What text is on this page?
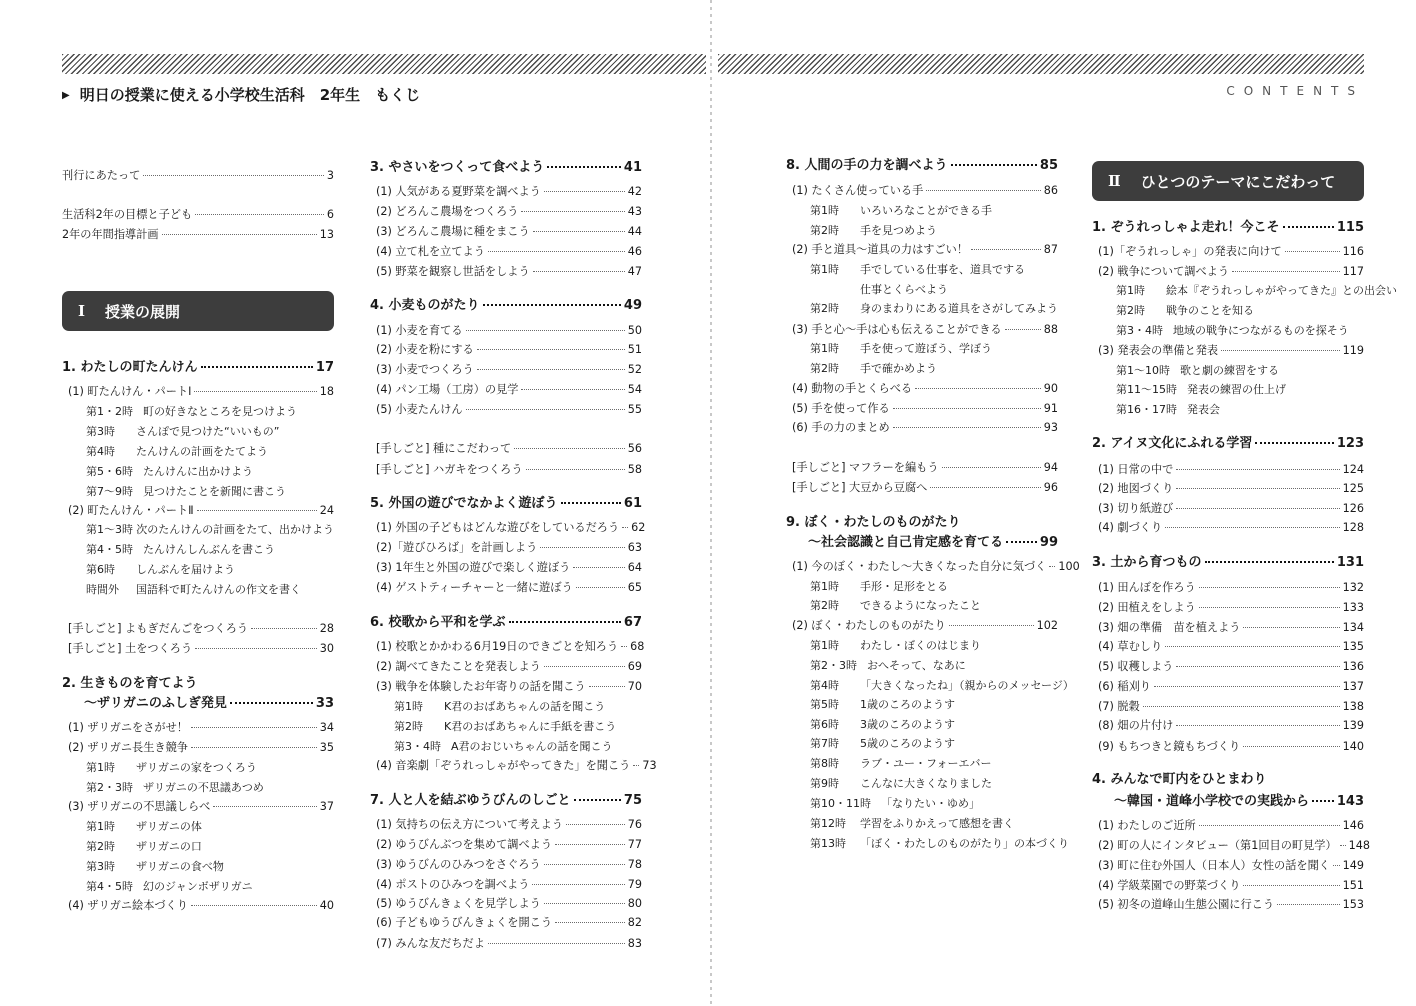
▶ 明日の授業に使える小学校生活科　2年生　もくじ	CONTENTS
Ⅰ 授業の展開
Ⅱ ひとつのテーマにこだわって
刊行にあたって	3
生活科2年の目標と子ども	6
2年の年間指導計画	13
1. わたしの町たんけん	17
(1) 町たんけん・パートⅠ	18
第1・2時 町の好きなところを見つけよう
第3時	さんぽで見つけた“いいもの”
第4時	たんけんの計画をたてよう
第5・6時 たんけんに出かけよう
第7〜9時 見つけたことを新聞に書こう
(2) 町たんけん・パートⅡ	24
第1〜3時 次のたんけんの計画をたて、出かけよう
第4・5時 たんけんしんぶんを書こう
第6時	しんぶんを届けよう
時間外	国語科で町たんけんの作文を書く
[手しごと] よもぎだんごをつくろう	28
[手しごと] 土をつくろう	30
2. 生きものを育てよう
〜ザリガニのふしぎ発見	33
(1) ザリガニをさがせ！	34
(2) ザリガニ長生き競争	35
第1時	ザリガニの家をつくろう
第2・3時 ザリガニの不思議あつめ
(3) ザリガニの不思議しらべ	37
第1時	ザリガニの体
第2時	ザリガニの口
第3時	ザリガニの食べ物
第4・5時 幻のジャンボザリガニ
(4) ザリガニ絵本づくり	40
3. やさいをつくって食べよう	41
(1) 人気がある夏野菜を調べよう	42
(2) どろんこ農場をつくろう	43
(3) どろんこ農場に種をまこう	44
(4) 立て札を立てよう	46
(5) 野菜を観察し世話をしよう	47
4. 小麦ものがたり	49
(1) 小麦を育てる	50
(2) 小麦を粉にする	51
(3) 小麦でつくろう	52
(4) パン工場（工房）の見学	54
(5) 小麦たんけん	55
[手しごと] 種にこだわって	56
[手しごと] ハガキをつくろう	58
5. 外国の遊びでなかよく遊ぼう	61
(1) 外国の子どもはどんな遊びをしているだろう 62
(2)「遊びひろば」を計画しよう	63
(3) 1年生と外国の遊びで楽しく遊ぼう	64
(4) ゲストティーチャーと一緒に遊ぼう	65
6. 校歌から平和を学ぶ	67
(1) 校歌とかかわる6月19日のできごとを知ろう 68
(2) 調べてきたことを発表しよう	69
(3) 戦争を体験したお年寄りの話を聞こう	70
第1時	K君のおばあちゃんの話を聞こう
第2時	K君のおばあちゃんに手紙を書こう
第3・4時 A君のおじいちゃんの話を聞こう
(4) 音楽劇「ぞうれっしゃがやってきた」を聞こう 73
7. 人と人を結ぶゆうびんのしごと	75
(1) 気持ちの伝え方について考えよう	76
(2) ゆうびんぶつを集めて調べよう	77
(3) ゆうびんのひみつをさぐろう	78
(4) ポストのひみつを調べよう	79
(5) ゆうびんきょくを見学しよう	80
(6) 子どもゆうびんきょくを開こう	82
(7) みんな友だちだよ	83
8. 人間の手の力を調べよう	85
(1) たくさん使っている手	86
第1時	いろいろなことができる手
第2時	手を見つめよう
(2) 手と道具〜道具の力はすごい！	87
第1時	手でしている仕事を、道具でする
仕事とくらべよう
第2時	身のまわりにある道具をさがしてみよう
(3) 手と心〜手は心も伝えることができる	88
第1時	手を使って遊ぼう、学ぼう
第2時	手で確かめよう
(4) 動物の手とくらべる	90
(5) 手を使って作る	91
(6) 手の力のまとめ	93
[手しごと] マフラーを編もう	94
[手しごと] 大豆から豆腐へ	96
9. ぼく・わたしのものがたり
〜社会認識と自己肯定感を育てる	99
(1) 今のぼく・わたし〜大きくなった自分に気づく 100
第1時	手形・足形をとる
第2時	できるようになったこと
(2) ぼく・わたしのものがたり	102
第1時	わたし・ぼくのはじまり
第2・3時 おへそって、なあに
第4時	「大きくなったね」（親からのメッセージ）
第5時	1歳のころのようす
第6時	3歳のころのようす
第7時	5歳のころのようす
第8時	ラブ・ユー・フォーエバー
第9時	こんなに大きくなりました
第10・11時 「なりたい・ゆめ」
第12時	学習をふりかえって感想を書く
第13時	「ぼく・わたしのものがたり」の本づくり
1. ぞうれっしゃよ走れ！今こそ	115
(1)「ぞうれっしゃ」の発表に向けて	116
(2) 戦争について調べよう	117
第1時	絵本『ぞうれっしゃがやってきた』との出会い
第2時	戦争のことを知る
第3・4時 地域の戦争につながるものを探そう
(3) 発表会の準備と発表	119
第1〜10時 歌と劇の練習をする
第11〜15時 発表の練習の仕上げ
第16・17時 発表会
2. アイヌ文化にふれる学習	123
(1) 日常の中で	124
(2) 地図づくり	125
(3) 切り紙遊び	126
(4) 劇づくり	128
3. 土から育つもの	131
(1) 田んぼを作ろう	132
(2) 田植えをしよう	133
(3) 畑の準備　苗を植えよう	134
(4) 草むしり	135
(5) 収穫しよう	136
(6) 稲刈り	137
(7) 脱穀	138
(8) 畑の片付け	139
(9) もちつきと鏡もちづくり	140
4. みんなで町内をひとまわり
〜韓国・道峰小学校での実践から 143
(1) わたしのご近所	146
(2) 町の人にインタビュー（第1回目の町見学） 148
(3) 町に住む外国人（日本人）女性の話を聞く 149
(4) 学級菜園での野菜づくり	151
(5) 初冬の道峰山生態公園に行こう	153
